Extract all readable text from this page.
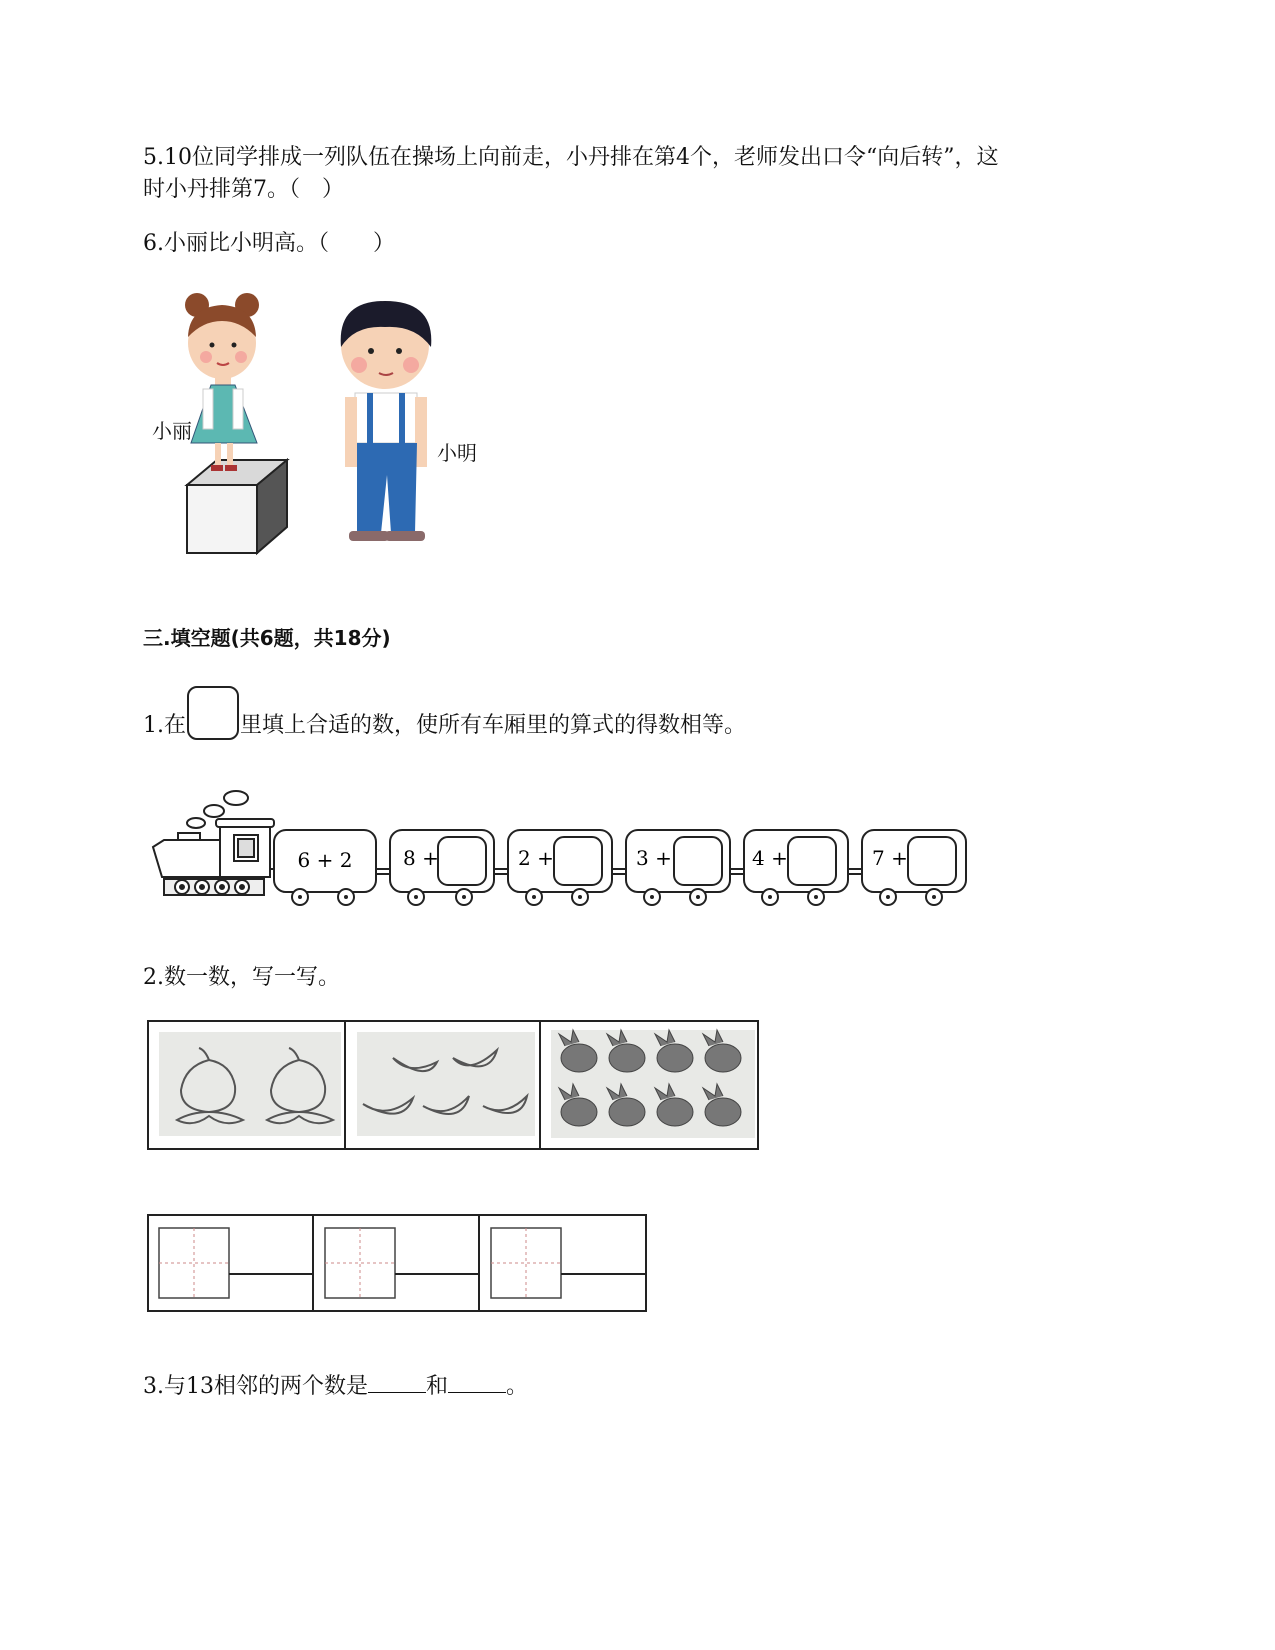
5.10位同学排成一列队伍在操场上向前走，小丹排在第4个，老师发出口令“向后转”，这
时小丹排第7。（　）
6.小丽比小明高。（　　）
小丽
小明
三.填空题(共6题，共18分)
1.在 里填上合适的数，使所有车厢里的算式的得数相等。
6 + 2	8 +	2 +	3 +	4 +	7 +
2.数一数，写一写。
3.与13相邻的两个数是	和	。
